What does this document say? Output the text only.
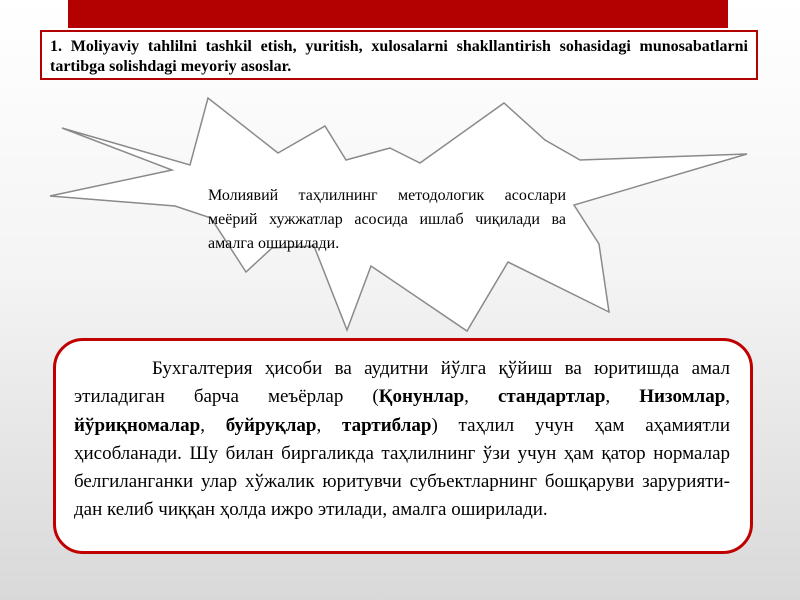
1. Moliyaviy tahlilni tashkil etish, yuritish, xulosalarni shakllantirish sohasidagi munosabatlarni tartibga solishdagi meyoriy asoslar.
Молиявий таҳлилнинг методологик асослари меёрий хужжатлар асосида ишлаб чиқилади ва амалга оширилади.

Бухгалтерия ҳисоби ва аудитни йўлга қўйиш ва юритишда амал этиладиган барча меъёрлар (Қонунлар, стандартлар, Низомлар, йўриқномалар, буйруқлар, тартиблар) таҳлил учун ҳам аҳамиятли ҳисобланади. Шу билан биргаликда таҳлилнинг ўзи учун ҳам қатор нормалар белгиланганки улар хўжалик юритувчи субъектларнинг бошқаруви заруриятидан келиб чиққан ҳолда ижро этилади, амалга оширилади.
